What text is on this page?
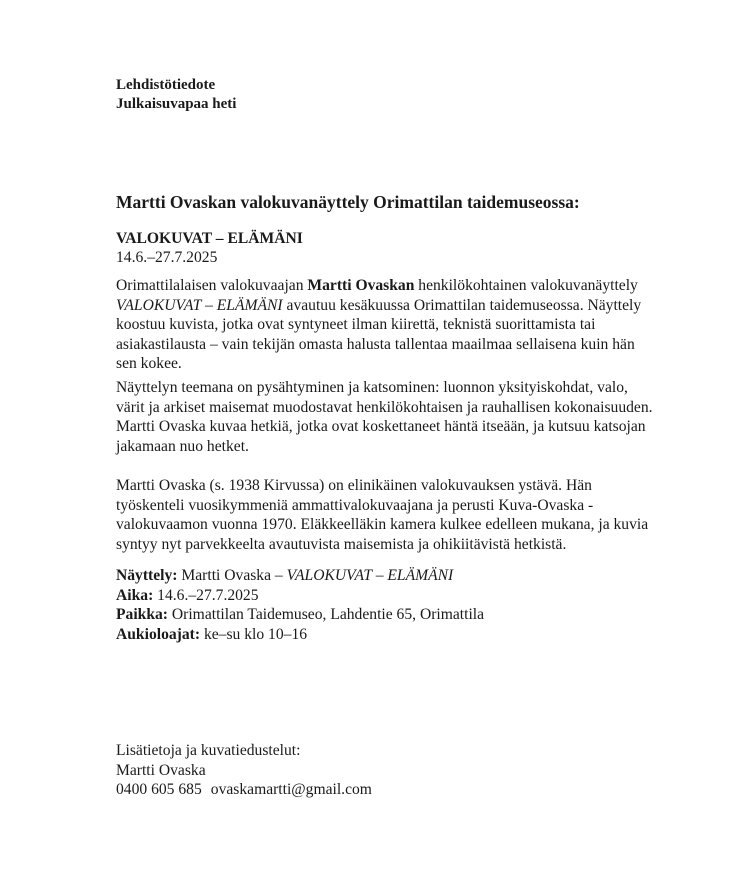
Lehdistötiedote
Julkaisuvapaa heti
Martti Ovaskan valokuvanäyttely Orimattilan taidemuseossa:
VALOKUVAT – ELÄMÄNI
14.6.–27.7.2025
Orimattilalaisen valokuvaajan Martti Ovaskan henkilökohtainen valokuvanäyttely
VALOKUVAT – ELÄMÄNI avautuu kesäkuussa Orimattilan taidemuseossa. Näyttely
koostuu kuvista, jotka ovat syntyneet ilman kiirettä, teknistä suorittamista tai
asiakastilausta – vain tekijän omasta halusta tallentaa maailmaa sellaisena kuin hän
sen kokee.
Näyttelyn teemana on pysähtyminen ja katsominen: luonnon yksityiskohdat, valo,
värit ja arkiset maisemat muodostavat henkilökohtaisen ja rauhallisen kokonaisuuden.
Martti Ovaska kuvaa hetkiä, jotka ovat koskettaneet häntä itseään, ja kutsuu katsojan
jakamaan nuo hetket.
Martti Ovaska (s. 1938 Kirvussa) on elinikäinen valokuvauksen ystävä. Hän
työskenteli vuosikymmeniä ammattivalokuvaajana ja perusti Kuva-Ovaska -
valokuvaamon vuonna 1970. Eläkkeelläkin kamera kulkee edelleen mukana, ja kuvia
syntyy nyt parvekkeelta avautuvista maisemista ja ohikiitävistä hetkistä.
Näyttely: Martti Ovaska – VALOKUVAT – ELÄMÄNI
Aika: 14.6.–27.7.2025
Paikka: Orimattilan Taidemuseo, Lahdentie 65, Orimattila
Aukioloajat: ke–su klo 10–16
Lisätietoja ja kuvatiedustelut:
Martti Ovaska
0400 605 685 ovaskamartti@gmail.com
